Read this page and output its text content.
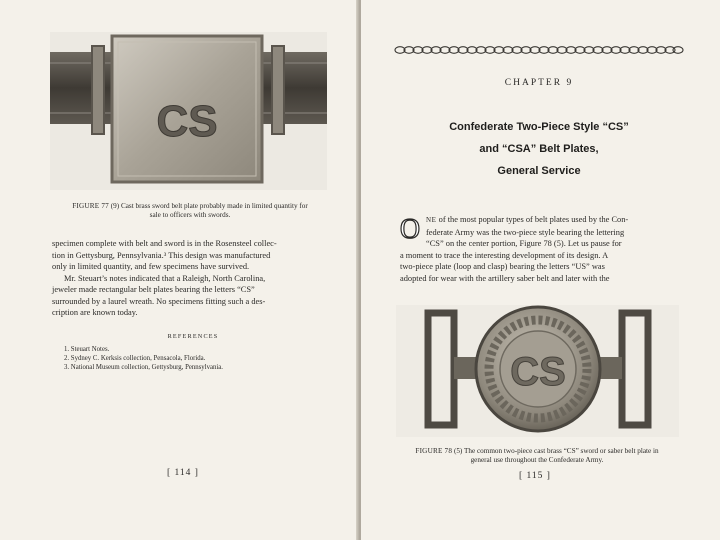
CS
FIGURE 77 (9) Cast brass sword belt plate probably made in limited quantity for
sale to officers with swords.
specimen complete with belt and sword is in the Rosensteel collec-
tion in Gettysburg, Pennsylvania.³ This design was manufactured
only in limited quantity, and few specimens have survived.
Mr. Steuart’s notes indicated that a Raleigh, North Carolina,
jeweler made rectangular belt plates bearing the letters “CS”
surrounded by a laurel wreath. No specimens fitting such a des-
cription are known today.
REFERENCES
1. Steuart Notes.
2. Sydney C. Kerksis collection, Pensacola, Florida.
3. National Museum collection, Gettysburg, Pennsylvania.
[ 114 ]
CHAPTER 9
Confederate Two-Piece Style “CS”
and “CSA” Belt Plates,
General Service
O NE of the most popular types of belt plates used by the Con-
federate Army was the two-piece style bearing the lettering
“CS” on the center portion, Figure 78 (5). Let us pause for
a moment to trace the interesting development of its design. A
two-piece plate (loop and clasp) bearing the letters “US” was
adopted for wear with the artillery saber belt and later with the
CS
FIGURE 78 (5) The common two-piece cast brass “CS” sword or saber belt plate in
general use throughout the Confederate Army.
[ 115 ]
